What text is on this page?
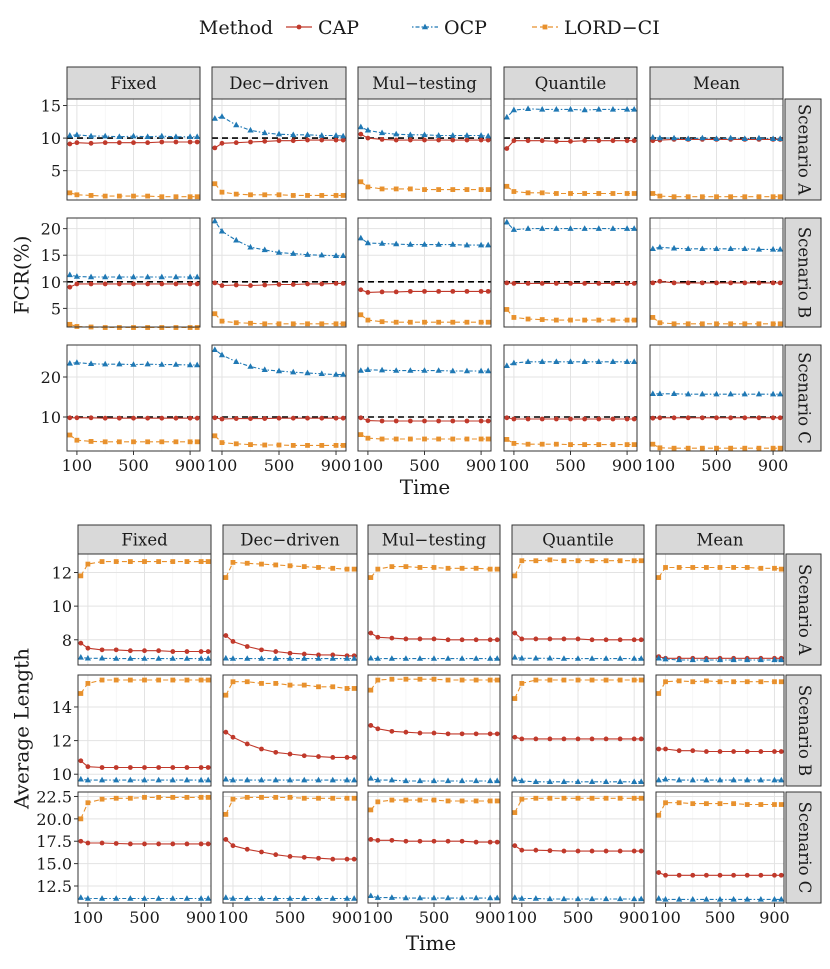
Method CAP	OCP	LORD−CI
Fixed	Dec−driven	Mul−testing	Quantile	Mean
Scenario A
5
10
15
Scenario B
5
10
15
20
Scenario C
10
20
100 500 900 100 500 900 100 500 900 100 500 900 100 500 900
Time
FCR(%)
Fixed	Dec−driven	Mul−testing	Quantile	Mean
Scenario A
8
10
12
Scenario B
10
12
14
Scenario C
12.5
15.0
17.5
20.0
22.5
100 500 900 100 500 900 100 500 900 100 500 900 100 500 900
Time
Average Length
